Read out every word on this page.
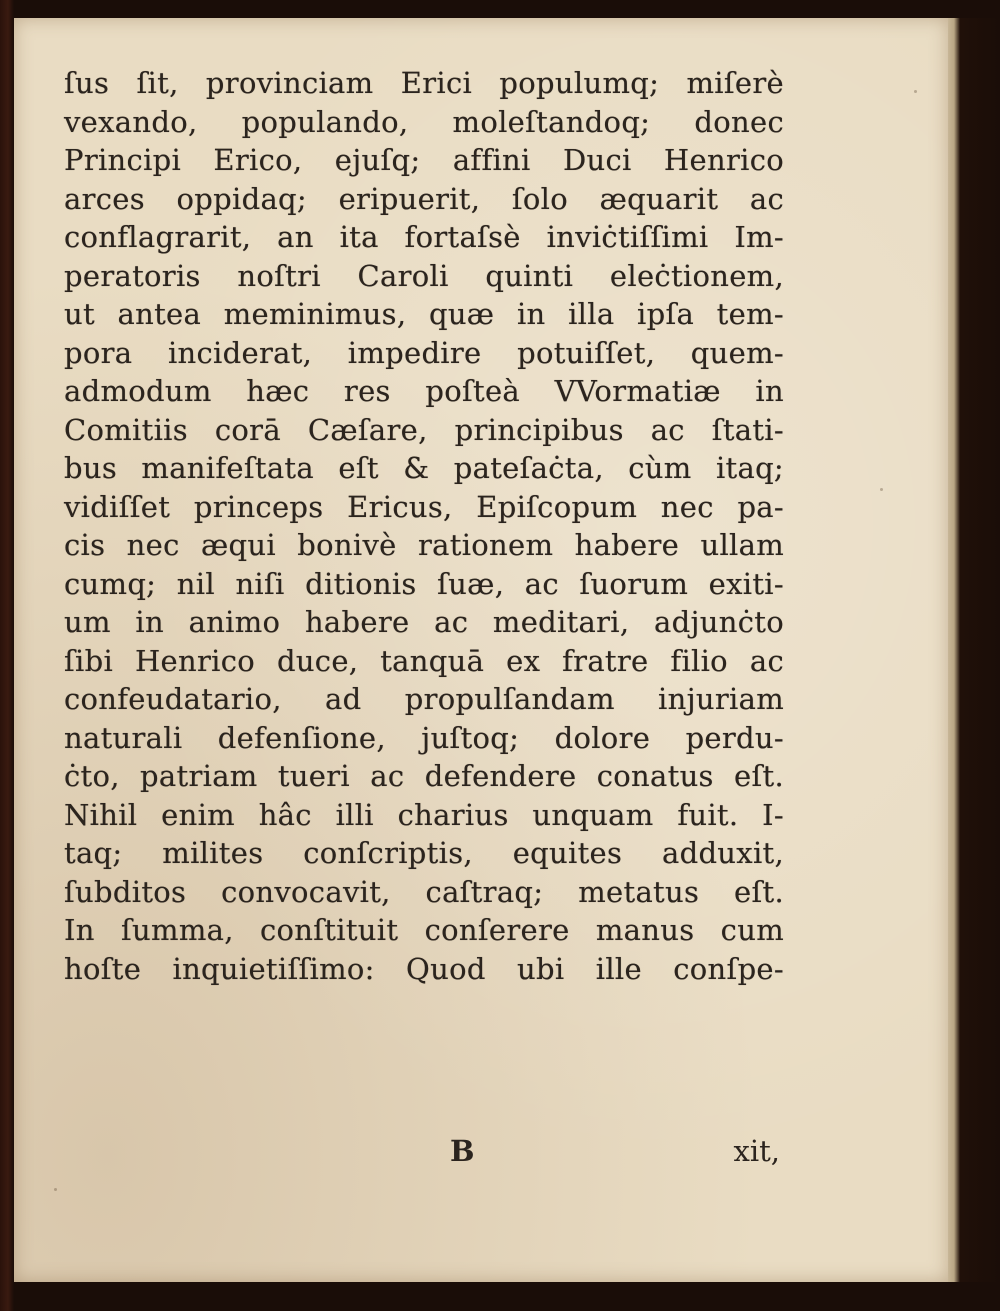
ſus ſit, provinciam Erici populumq; miſerè
vexando, populando, moleſtandoq; donec
Principi Erico, ejuſq; affini Duci Henrico
arces oppidaq; eripuerit, ſolo æquarit ac
conflagrarit, an ita fortaſsè inviċtiſſimi Im-
peratoris noſtri Caroli quinti eleċtionem,
ut antea meminimus, quæ in illa ipſa tem-
pora inciderat, impedire potuiſſet, quem-
admodum hæc res poſteà VVormatiæ in
Comitiis corā Cæſare, principibus ac ſtati-
bus manifeſtata eſt & pateſaċta, cùm itaq;
vidiſſet princeps Ericus, Epiſcopum nec pa-
cis nec æqui bonivè rationem habere ullam
cumq; nil niſi ditionis ſuæ, ac ſuorum exiti-
um in animo habere ac meditari, adjunċto
ſibi Henrico duce, tanquā ex fratre filio ac
confeudatario, ad propulſandam injuriam
naturali defenſione, juſtoq; dolore perdu-
ċto, patriam tueri ac defendere conatus eſt.
Nihil enim hâc illi charius unquam fuit. I-
taq; milites conſcriptis, equites adduxit,
ſubditos convocavit, caſtraq; metatus eſt.
In ſumma, conſtituit conſerere manus cum
hoſte inquietiſſimo: Quod ubi ille conſpe-
B	xit,
